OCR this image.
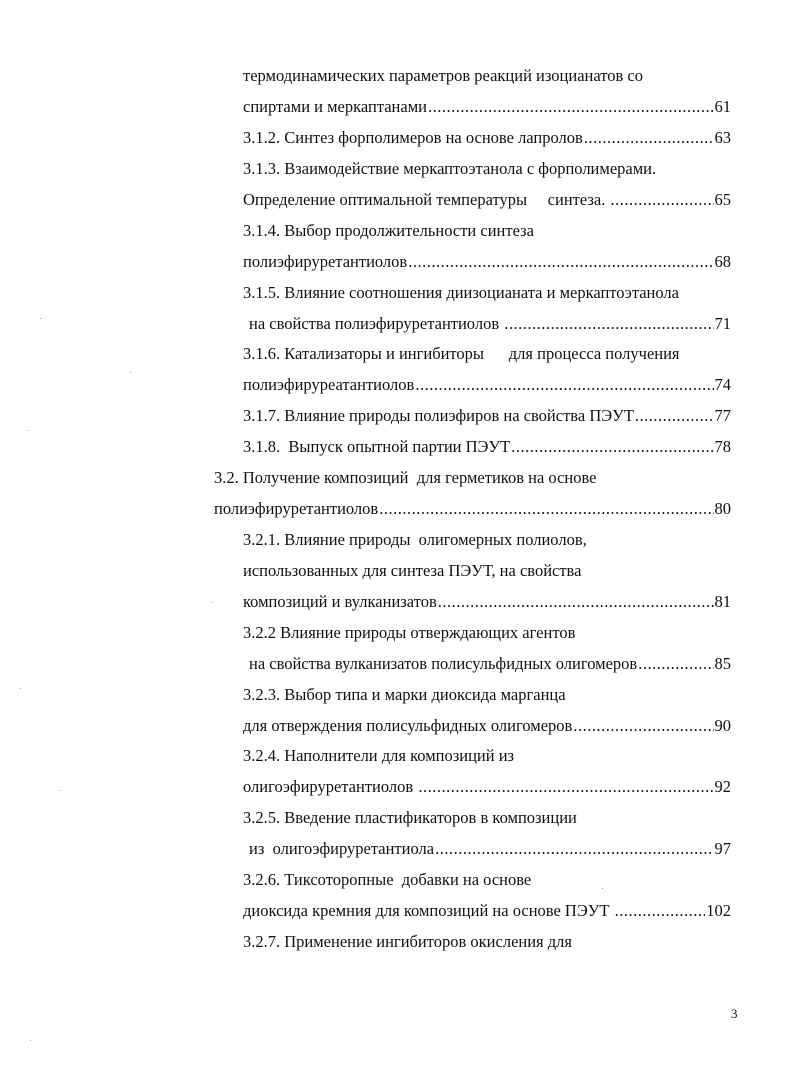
термодинамических параметров реакций изоцианатов со
спиртами и меркаптанами .....	61
3.1.2. Синтез форполимеров на основе лапролов .....	63
3.1.3. Взаимодействие меркаптоэтанола с форполимерами.
Определение оптимальной температуры     синтеза. .....	65
3.1.4. Выбор продолжительности синтеза
полиэфируретантиолов .....	68
3.1.5. Влияние соотношения диизоцианата и меркаптоэтанола
на свойства полиэфируретантиолов .....	71
3.1.6. Катализаторы и ингибиторы      для процесса получения
полиэфируреатантиолов .....	74
3.1.7. Влияние природы полиэфиров на свойства ПЭУТ .....	77
3.1.8.  Выпуск опытной партии ПЭУТ .....	78
3.2. Получение композиций  для герметиков на основе
полиэфируретантиолов .....	80
3.2.1. Влияние природы  олигомерных полиолов,
использованных для синтеза ПЭУТ, на свойства
композиций и вулканизатов .....	81
3.2.2 Влияние природы отверждающих агентов
на свойства вулканизатов полисульфидных олигомеров .....	85
3.2.3. Выбор типа и марки диоксида марганца
для отверждения полисульфидных олигомеров .....	90
3.2.4. Наполнители для композиций из
олигоэфируретантиолов .....	92
3.2.5. Введение пластификаторов в композиции
из  олигоэфируретантиола .....	97
3.2.6. Тиксоторопные  добавки на основе
диоксида кремния для композиций на основе ПЭУТ .....	102
3.2.7. Применение ингибиторов окисления для
3
